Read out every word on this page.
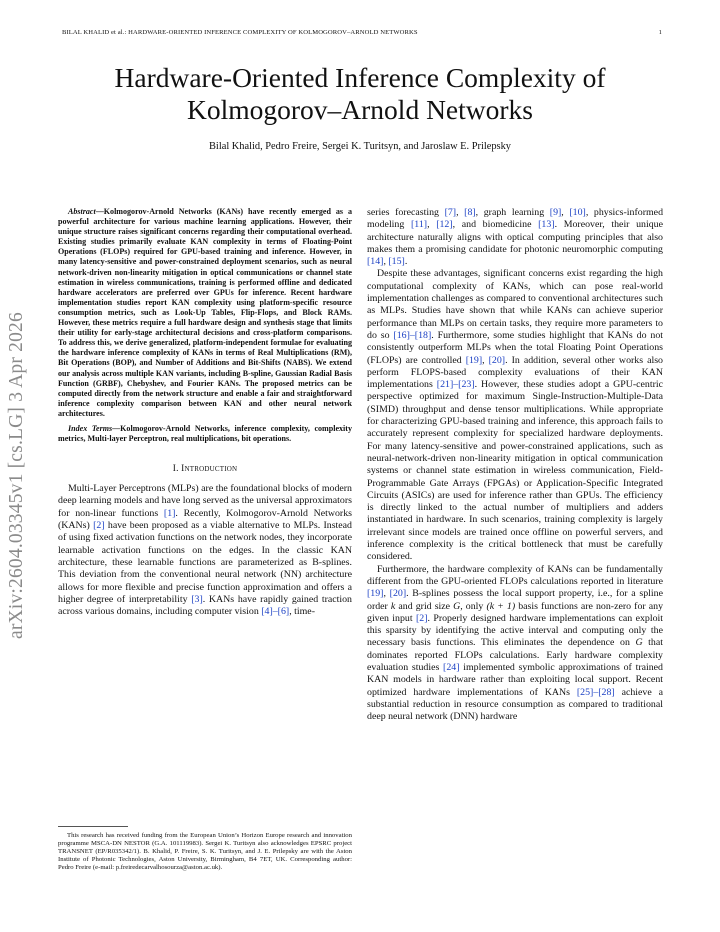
BILAL KHALID et al.: HARDWARE-ORIENTED INFERENCE COMPLEXITY OF KOLMOGOROV–ARNOLD NETWORKS	1
Hardware-Oriented Inference Complexity of Kolmogorov–Arnold Networks
Bilal Khalid, Pedro Freire, Sergei K. Turitsyn, and Jaroslaw E. Prilepsky
arXiv:2604.03345v1 [cs.LG] 3 Apr 2026

Abstract—Kolmogorov-Arnold Networks (KANs) have recently emerged as a powerful architecture for various machine learning applications. However, their unique structure raises significant concerns regarding their computational overhead. Existing studies primarily evaluate KAN complexity in terms of Floating-Point Operations (FLOPs) required for GPU-based training and inference. However, in many latency-sensitive and power-constrained deployment scenarios, such as neural network-driven non-linearity mitigation in optical communications or channel state estimation in wireless communications, training is performed offline and dedicated hardware accelerators are preferred over GPUs for inference. Recent hardware implementation studies report KAN complexity using platform-specific resource consumption metrics, such as Look-Up Tables, Flip-Flops, and Block RAMs. However, these metrics require a full hardware design and synthesis stage that limits their utility for early-stage architectural decisions and cross-platform comparisons. To address this, we derive generalized, platform-independent formulae for evaluating the hardware inference complexity of KANs in terms of Real Multiplications (RM), Bit Operations (BOP), and Number of Additions and Bit-Shifts (NABS). We extend our analysis across multiple KAN variants, including B-spline, Gaussian Radial Basis Function (GRBF), Chebyshev, and Fourier KANs. The proposed metrics can be computed directly from the network structure and enable a fair and straightforward inference complexity comparison between KAN and other neural network architectures.

Index Terms—Kolmogorov-Arnold Networks, inference complexity, complexity metrics, Multi-layer Perceptron, real multiplications, bit operations.

I. Introduction

Multi-Layer Perceptrons (MLPs) are the foundational blocks of modern deep learning models and have long served as the universal approximators for non-linear functions [1]. Recently, Kolmogorov-Arnold Networks (KANs) [2] have been proposed as a viable alternative to MLPs. Instead of using fixed activation functions on the network nodes, they incorporate learnable activation functions on the edges. In the classic KAN architecture, these learnable functions are parameterized as B-splines. This deviation from the conventional neural network (NN) architecture allows for more flexible and precise function approximation and offers a higher degree of interpretability [3]. KANs have rapidly gained traction across various domains, including computer vision [4]–[6], time-

This research has received funding from the European Union’s Horizon Europe research and innovation programme MSCA-DN NESTOR (G.A. 101119983). Sergei K. Turitsyn also acknowledges EPSRC project TRANSNET (EP/R035342/1). B. Khalid, P. Freire, S. K. Turitsyn, and J. E. Prilepsky are with the Aston Institute of Photonic Technologies, Aston University, Birmingham, B4 7ET, UK. Corresponding author: Pedro Freire (e-mail: p.freiredecarvalhosourza@aston.ac.uk).

series forecasting [7], [8], graph learning [9], [10], physics-informed modeling [11], [12], and biomedicine [13]. Moreover, their unique architecture naturally aligns with optical computing principles that also makes them a promising candidate for photonic neuromorphic computing [14], [15].

Despite these advantages, significant concerns exist regarding the high computational complexity of KANs, which can pose real-world implementation challenges as compared to conventional architectures such as MLPs. Studies have shown that while KANs can achieve superior performance than MLPs on certain tasks, they require more parameters to do so [16]–[18]. Furthermore, some studies highlight that KANs do not consistently outperform MLPs when the total Floating Point Operations (FLOPs) are controlled [19], [20]. In addition, several other works also perform FLOPS-based complexity evaluations of their KAN implementations [21]–[23]. However, these studies adopt a GPU-centric perspective optimized for maximum Single-Instruction-Multiple-Data (SIMD) throughput and dense tensor multiplications. While appropriate for characterizing GPU-based training and inference, this approach fails to accurately represent complexity for specialized hardware deployments. For many latency-sensitive and power-constrained applications, such as neural-network-driven non-linearity mitigation in optical communication systems or channel state estimation in wireless communication, Field-Programmable Gate Arrays (FPGAs) or Application-Specific Integrated Circuits (ASICs) are used for inference rather than GPUs. The efficiency is directly linked to the actual number of multipliers and adders instantiated in hardware. In such scenarios, training complexity is largely irrelevant since models are trained once offline on powerful servers, and inference complexity is the critical bottleneck that must be carefully considered.

Furthermore, the hardware complexity of KANs can be fundamentally different from the GPU-oriented FLOPs calculations reported in literature [19], [20]. B-splines possess the local support property, i.e., for a spline order k and grid size G, only (k + 1) basis functions are non-zero for any given input [2]. Properly designed hardware implementations can exploit this sparsity by identifying the active interval and computing only the necessary basis functions. This eliminates the dependence on G that dominates reported FLOPs calculations. Early hardware complexity evaluation studies [24] implemented symbolic approximations of trained KAN models in hardware rather than exploiting local support. Recent optimized hardware implementations of KANs [25]–[28] achieve a substantial reduction in resource consumption as compared to traditional deep neural network (DNN) hardware
